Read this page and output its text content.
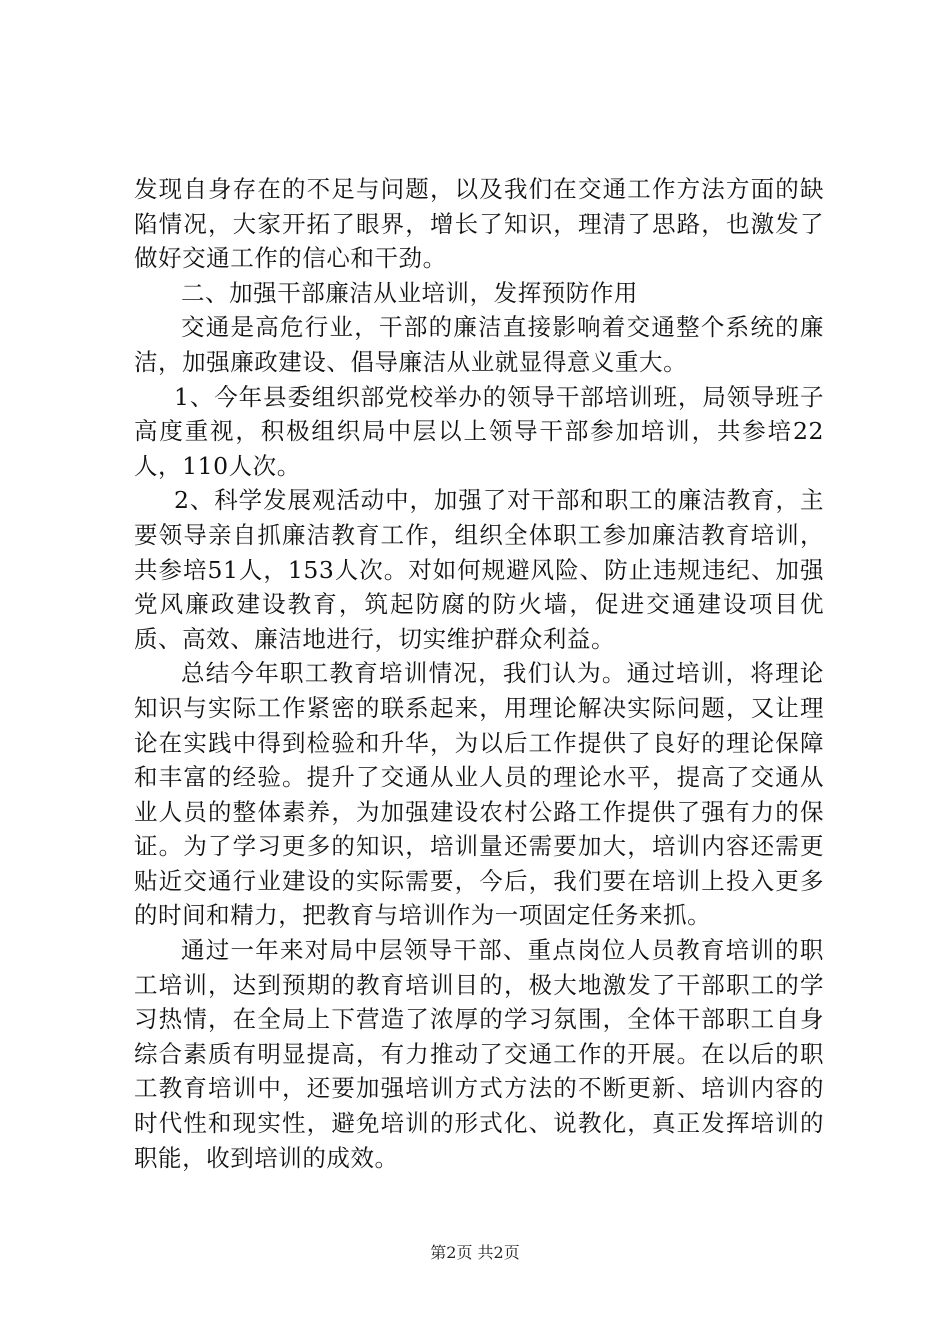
发现自身存在的不足与问题，以及我们在交通工作方法方面的缺陷情况，大家开拓了眼界，增长了知识，理清了思路，也激发了做好交通工作的信心和干劲。

二、加强干部廉洁从业培训，发挥预防作用

交通是高危行业，干部的廉洁直接影响着交通整个系统的廉洁，加强廉政建设、倡导廉洁从业就显得意义重大。

1、今年县委组织部党校举办的领导干部培训班，局领导班子高度重视，积极组织局中层以上领导干部参加培训，共参培22人，110人次。

2、科学发展观活动中，加强了对干部和职工的廉洁教育，主要领导亲自抓廉洁教育工作，组织全体职工参加廉洁教育培训，共参培51人，153人次。对如何规避风险、防止违规违纪、加强党风廉政建设教育，筑起防腐的防火墙，促进交通建设项目优质、高效、廉洁地进行，切实维护群众利益。

总结今年职工教育培训情况，我们认为。通过培训，将理论知识与实际工作紧密的联系起来，用理论解决实际问题，又让理论在实践中得到检验和升华，为以后工作提供了良好的理论保障和丰富的经验。提升了交通从业人员的理论水平，提高了交通从业人员的整体素养，为加强建设农村公路工作提供了强有力的保证。为了学习更多的知识，培训量还需要加大，培训内容还需更贴近交通行业建设的实际需要，今后，我们要在培训上投入更多的时间和精力，把教育与培训作为一项固定任务来抓。

通过一年来对局中层领导干部、重点岗位人员教育培训的职工培训，达到预期的教育培训目的，极大地激发了干部职工的学习热情，在全局上下营造了浓厚的学习氛围，全体干部职工自身综合素质有明显提高，有力推动了交通工作的开展。在以后的职工教育培训中，还要加强培训方式方法的不断更新、培训内容的时代性和现实性，避免培训的形式化、说教化，真正发挥培训的职能，收到培训的成效。

第2页 共2页
